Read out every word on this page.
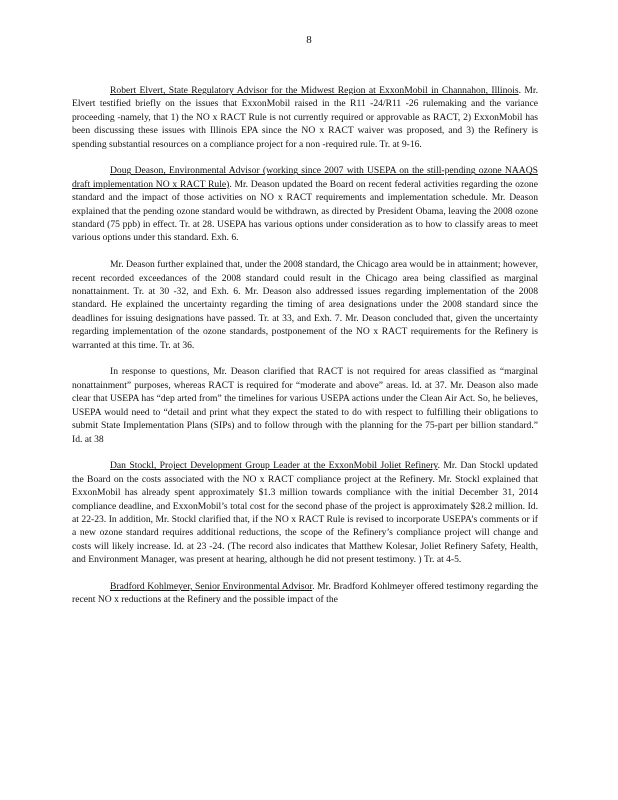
8

Robert Elvert, State Regulatory Advisor for the Midwest Region at ExxonMobil in Channahon, Illinois. Mr. Elvert testified briefly on the issues that ExxonMobil raised in the R11 -24/R11 -26 rulemaking and the variance proceeding -namely, that 1) the NO x RACT Rule is not currently required or approvable as RACT, 2) ExxonMobil has been discussing these issues with Illinois EPA since the NO x RACT waiver was proposed, and 3) the Refinery is spending substantial resources on a compliance project for a non -required rule. Tr. at 9-16.

Doug Deason, Environmental Advisor (working since 2007 with USEPA on the still-pending ozone NAAQS draft implementation NO x RACT Rule). Mr. Deason updated the Board on recent federal activities regarding the ozone standard and the impact of those activities on NO x RACT requirements and implementation schedule. Mr. Deason explained that the pending ozone standard would be withdrawn, as directed by President Obama, leaving the 2008 ozone standard (75 ppb) in effect. Tr. at 28. USEPA has various options under consideration as to how to classify areas to meet various options under this standard. Exh. 6.

Mr. Deason further explained that, under the 2008 standard, the Chicago area would be in attainment; however, recent recorded exceedances of the 2008 standard could result in the Chicago area being classified as marginal nonattainment. Tr. at 30 -32, and Exh. 6. Mr. Deason also addressed issues regarding implementation of the 2008 standard. He explained the uncertainty regarding the timing of area designations under the 2008 standard since the deadlines for issuing designations have passed. Tr. at 33, and Exh. 7. Mr. Deason concluded that, given the uncertainty regarding implementation of the ozone standards, postponement of the NO x RACT requirements for the Refinery is warranted at this time. Tr. at 36.

In response to questions, Mr. Deason clarified that RACT is not required for areas classified as “marginal nonattainment” purposes, whereas RACT is required for “moderate and above” areas. Id. at 37. Mr. Deason also made clear that USEPA has “dep arted from” the timelines for various USEPA actions under the Clean Air Act. So, he believes, USEPA would need to “detail and print what they expect the stated to do with respect to fulfilling their obligations to submit State Implementation Plans (SIPs) and to follow through with the planning for the 75-part per billion standard.” Id. at 38

Dan Stockl, Project Development Group Leader at the ExxonMobil Joliet Refinery. Mr. Dan Stockl updated the Board on the costs associated with the NO x RACT compliance project at the Refinery. Mr. Stockl explained that ExxonMobil has already spent approximately $1.3 million towards compliance with the initial December 31, 2014 compliance deadline, and ExxonMobil’s total cost for the second phase of the project is approximately $28.2 million. Id. at 22-23. In addition, Mr. Stockl clarified that, if the NO x RACT Rule is revised to incorporate USEPA’s comments or if a new ozone standard requires additional reductions, the scope of the Refinery’s compliance project will change and costs will likely increase. Id. at 23 -24. (The record also indicates that Matthew Kolesar, Joliet Refinery Safety, Health, and Environment Manager, was present at hearing, although he did not present testimony. ) Tr. at 4-5.

Bradford Kohlmeyer, Senior Environmental Advisor. Mr. Bradford Kohlmeyer offered testimony regarding the recent NO x reductions at the Refinery and the possible impact of the
